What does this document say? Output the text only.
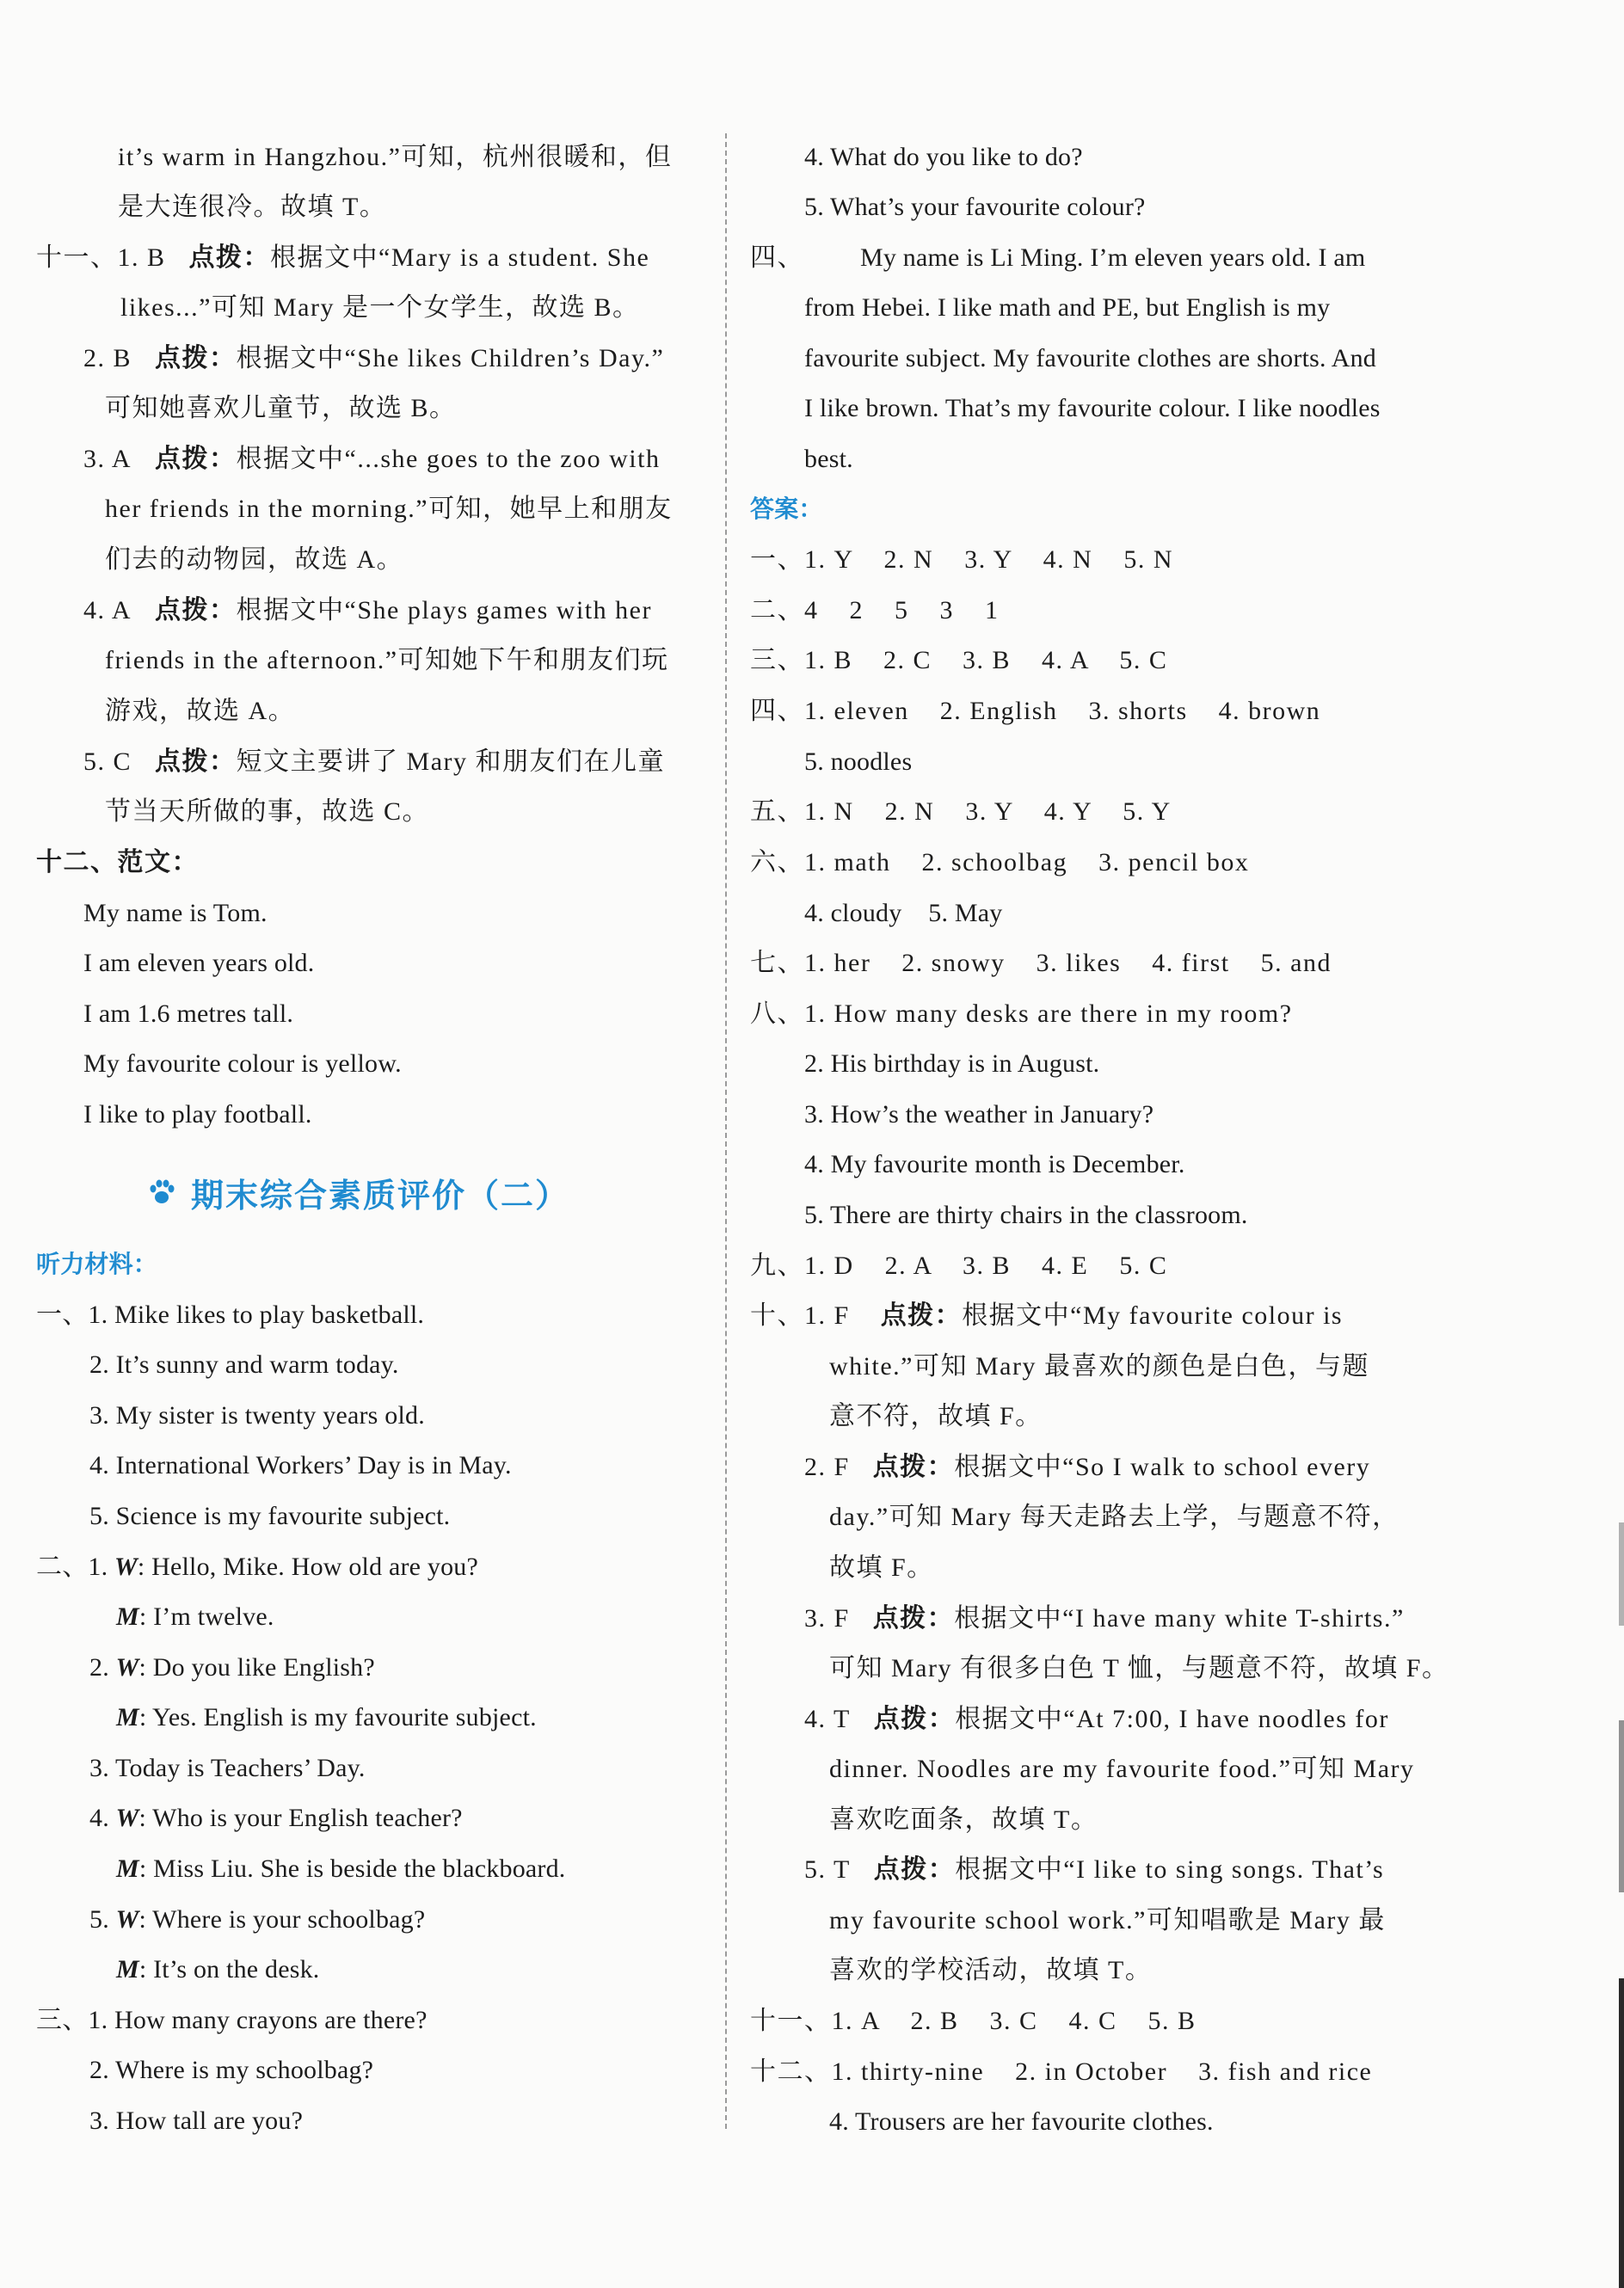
it’s warm in Hangzhou.”可知，杭州很暖和，但
是大连很冷。故填 T。
十一、1. B 点拨：根据文中“Mary is a student. She
likes...”可知 Mary 是一个女学生，故选 B。
2. B 点拨：根据文中“She likes Children’s Day.”
可知她喜欢儿童节，故选 B。
3. A 点拨：根据文中“...she goes to the zoo with
her friends in the morning.”可知，她早上和朋友
们去的动物园，故选 A。
4. A 点拨：根据文中“She plays games with her
friends in the afternoon.”可知她下午和朋友们玩
游戏，故选 A。
5. C 点拨：短文主要讲了 Mary 和朋友们在儿童
节当天所做的事，故选 C。
十二、范文：
My name is Tom.
I am eleven years old.
I am 1.6 metres tall.
My favourite colour is yellow.
I like to play football.
期末综合素质评价（二）
听力材料：
一、1. Mike likes to play basketball.
2. It’s sunny and warm today.
3. My sister is twenty years old.
4. International Workers’ Day is in May.
5. Science is my favourite subject.
二、1. W: Hello, Mike. How old are you?
M: I’m twelve.
2. W: Do you like English?
M: Yes. English is my favourite subject.
3. Today is Teachers’ Day.
4. W: Who is your English teacher?
M: Miss Liu. She is beside the blackboard.
5. W: Where is your schoolbag?
M: It’s on the desk.
三、1. How many crayons are there?
2. Where is my schoolbag?
3. How tall are you?
4. What do you like to do?
5. What’s your favourite colour?
四、 My name is Li Ming. I’m eleven years old. I am
from Hebei. I like math and PE, but English is my
favourite subject. My favourite clothes are shorts. And
I like brown. That’s my favourite colour. I like noodles
best.
答案：
一、1. Y    2. N    3. Y    4. N    5. N
二、4    2    5    3    1
三、1. B    2. C    3. B    4. A    5. C
四、1. eleven    2. English    3. shorts    4. brown
5. noodles
五、1. N    2. N    3. Y    4. Y    5. Y
六、1. math    2. schoolbag    3. pencil box
4. cloudy    5. May
七、1. her    2. snowy    3. likes    4. first    5. and
八、1. How many desks are there in my room?
2. His birthday is in August.
3. How’s the weather in January?
4. My favourite month is December.
5. There are thirty chairs in the classroom.
九、1. D    2. A    3. B    4. E    5. C
十、1. F 点拨：根据文中“My favourite colour is
white.”可知 Mary 最喜欢的颜色是白色，与题
意不符，故填 F。
2. F 点拨：根据文中“So I walk to school every
day.”可知 Mary 每天走路去上学，与题意不符，
故填 F。
3. F 点拨：根据文中“I have many white T-shirts.”
可知 Mary 有很多白色 T 恤，与题意不符，故填 F。
4. T 点拨：根据文中“At 7:00, I have noodles for
dinner. Noodles are my favourite food.”可知 Mary
喜欢吃面条，故填 T。
5. T 点拨：根据文中“I like to sing songs. That’s
my favourite school work.”可知唱歌是 Mary 最
喜欢的学校活动，故填 T。
十一、1. A    2. B    3. C    4. C    5. B
十二、1. thirty-nine    2. in October    3. fish and rice
4. Trousers are her favourite clothes.
